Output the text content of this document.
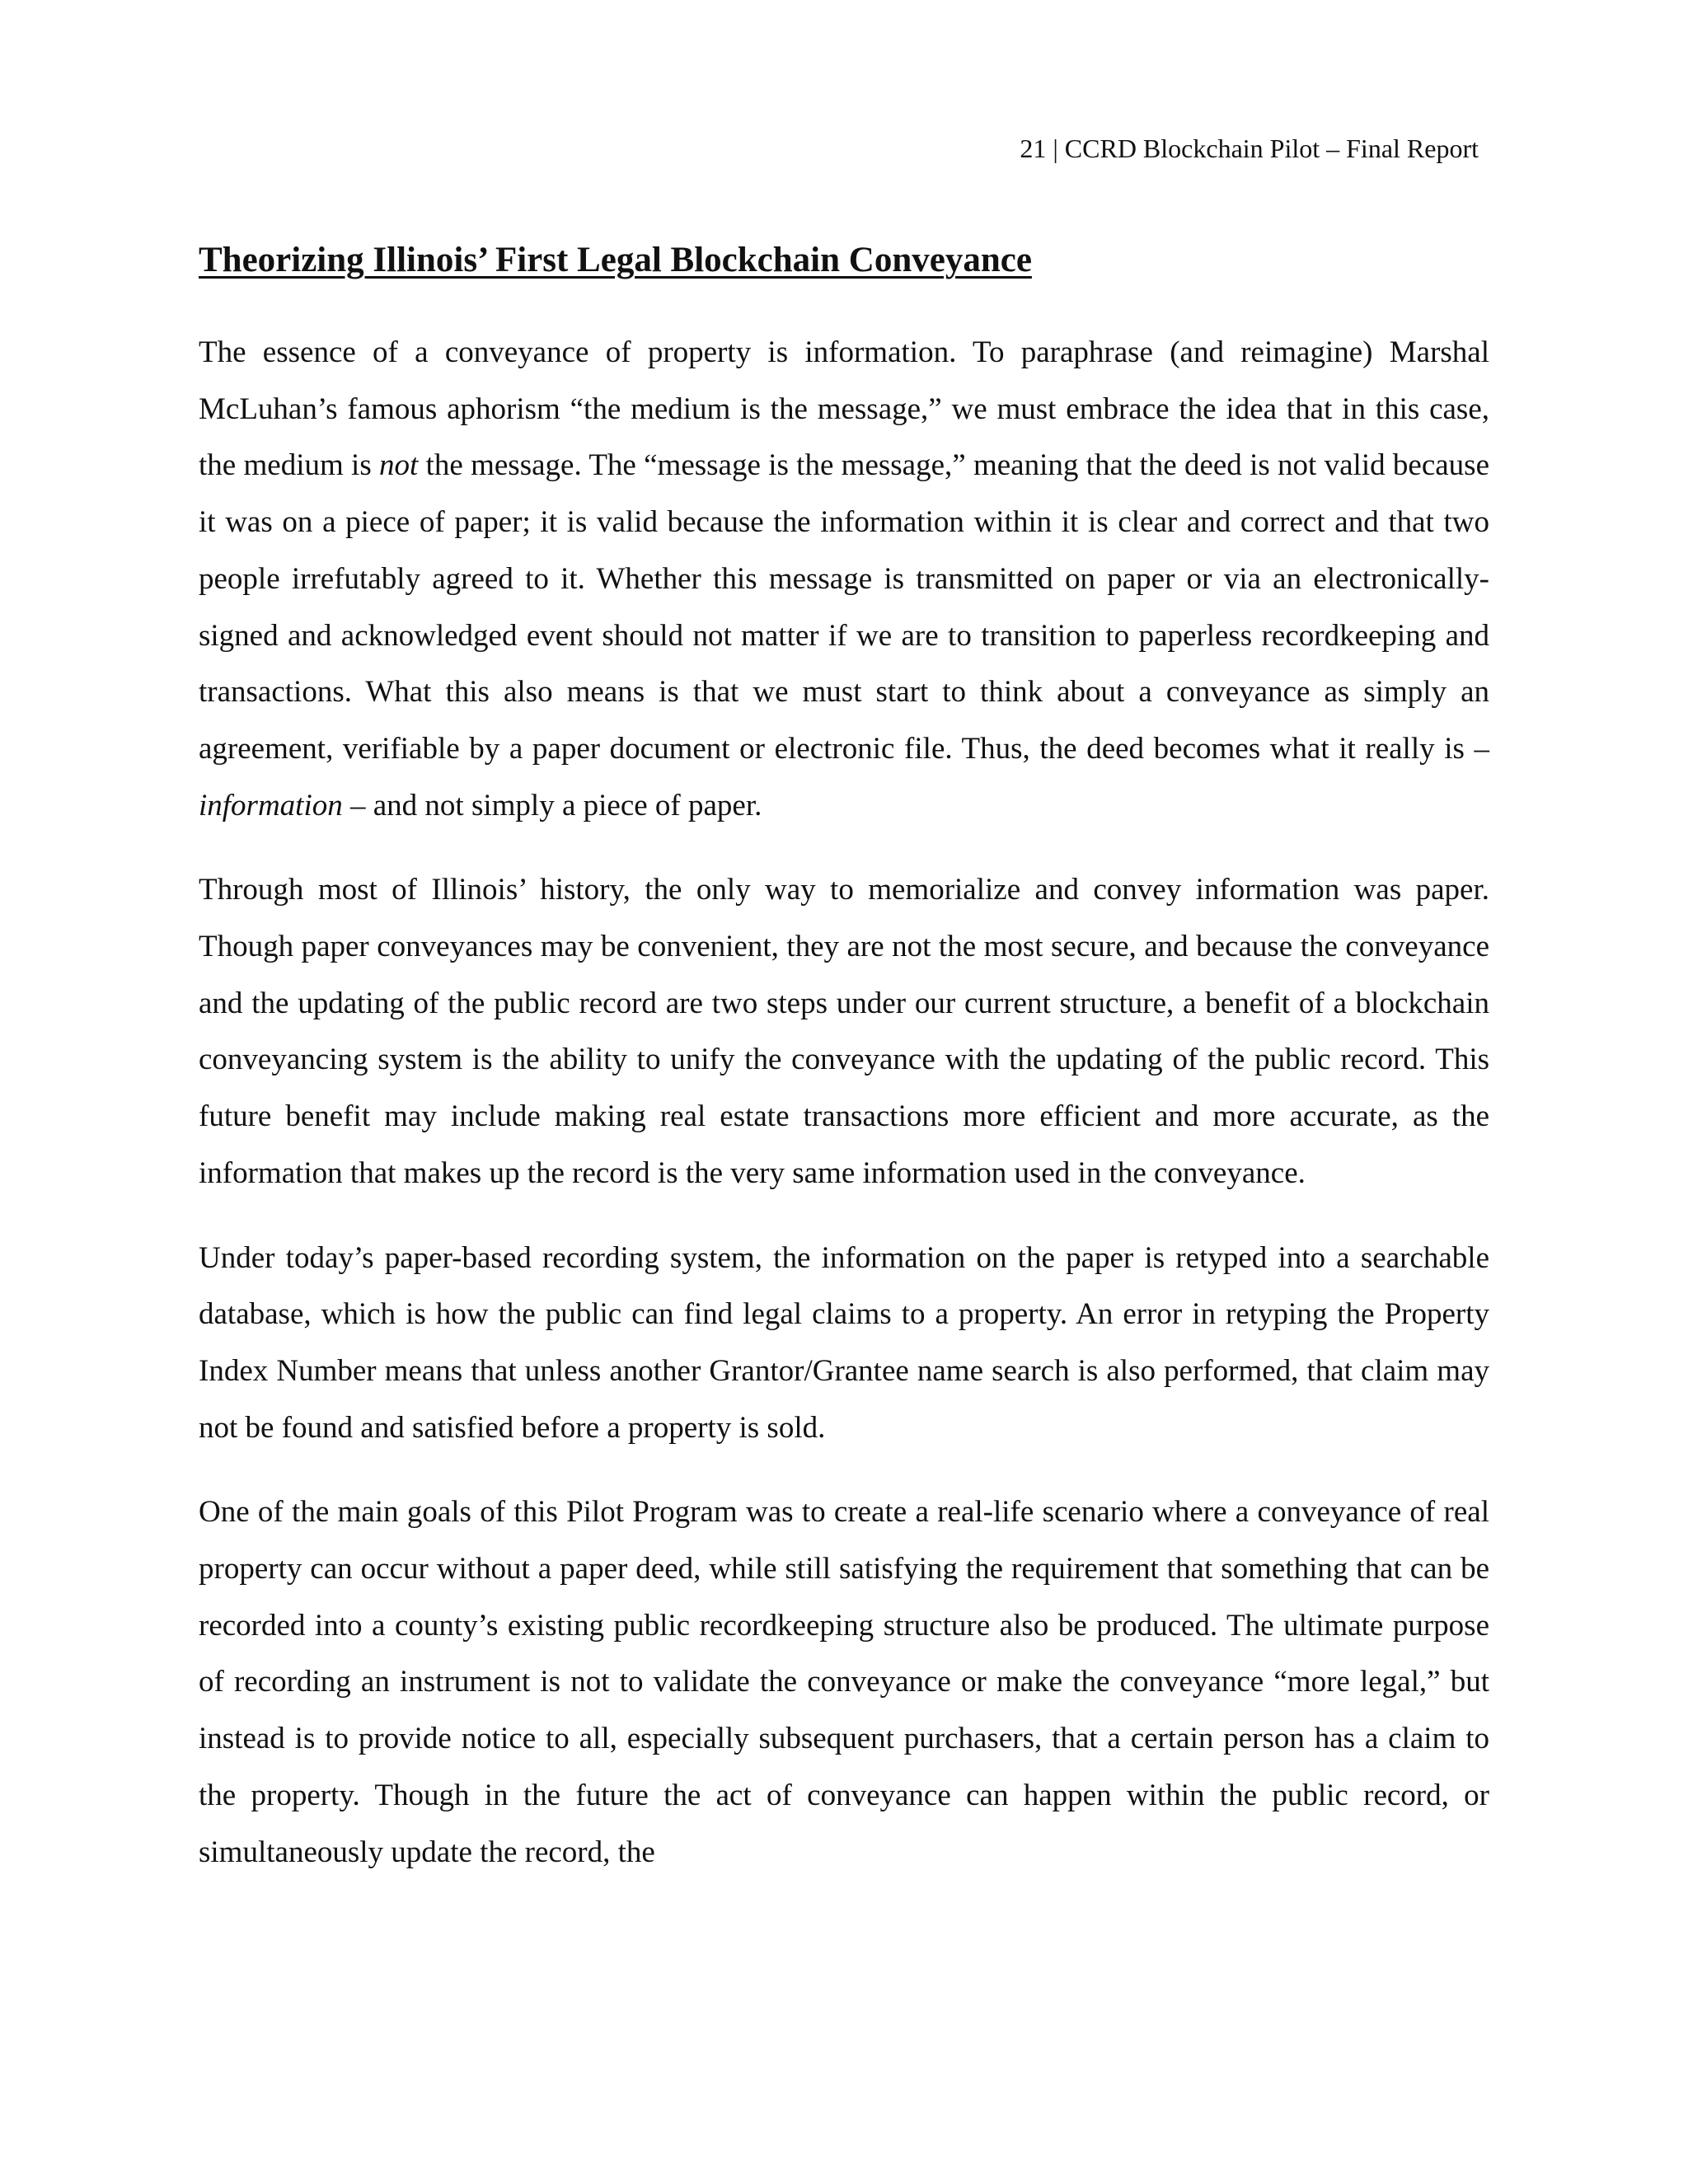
21 | CCRD Blockchain Pilot – Final Report
Theorizing Illinois’ First Legal Blockchain Conveyance

The essence of a conveyance of property is information. To paraphrase (and reimagine) Marshal McLuhan’s famous aphorism “the medium is the message,” we must embrace the idea that in this case, the medium is not the message. The “message is the message,” meaning that the deed is not valid because it was on a piece of paper; it is valid because the information within it is clear and correct and that two people irrefutably agreed to it. Whether this message is transmitted on paper or via an electronically-signed and acknowledged event should not matter if we are to transition to paperless recordkeeping and transactions. What this also means is that we must start to think about a conveyance as simply an agreement, verifiable by a paper document or electronic file. Thus, the deed becomes what it really is – information – and not simply a piece of paper.

Through most of Illinois’ history, the only way to memorialize and convey information was paper. Though paper conveyances may be convenient, they are not the most secure, and because the conveyance and the updating of the public record are two steps under our current structure, a benefit of a blockchain conveyancing system is the ability to unify the conveyance with the updating of the public record. This future benefit may include making real estate transactions more efficient and more accurate, as the information that makes up the record is the very same information used in the conveyance.

Under today’s paper-based recording system, the information on the paper is retyped into a searchable database, which is how the public can find legal claims to a property. An error in retyping the Property Index Number means that unless another Grantor/Grantee name search is also performed, that claim may not be found and satisfied before a property is sold.

One of the main goals of this Pilot Program was to create a real-life scenario where a conveyance of real property can occur without a paper deed, while still satisfying the requirement that something that can be recorded into a county’s existing public recordkeeping structure also be produced. The ultimate purpose of recording an instrument is not to validate the conveyance or make the conveyance “more legal,” but instead is to provide notice to all, especially subsequent purchasers, that a certain person has a claim to the property. Though in the future the act of conveyance can happen within the public record, or simultaneously update the record, the
